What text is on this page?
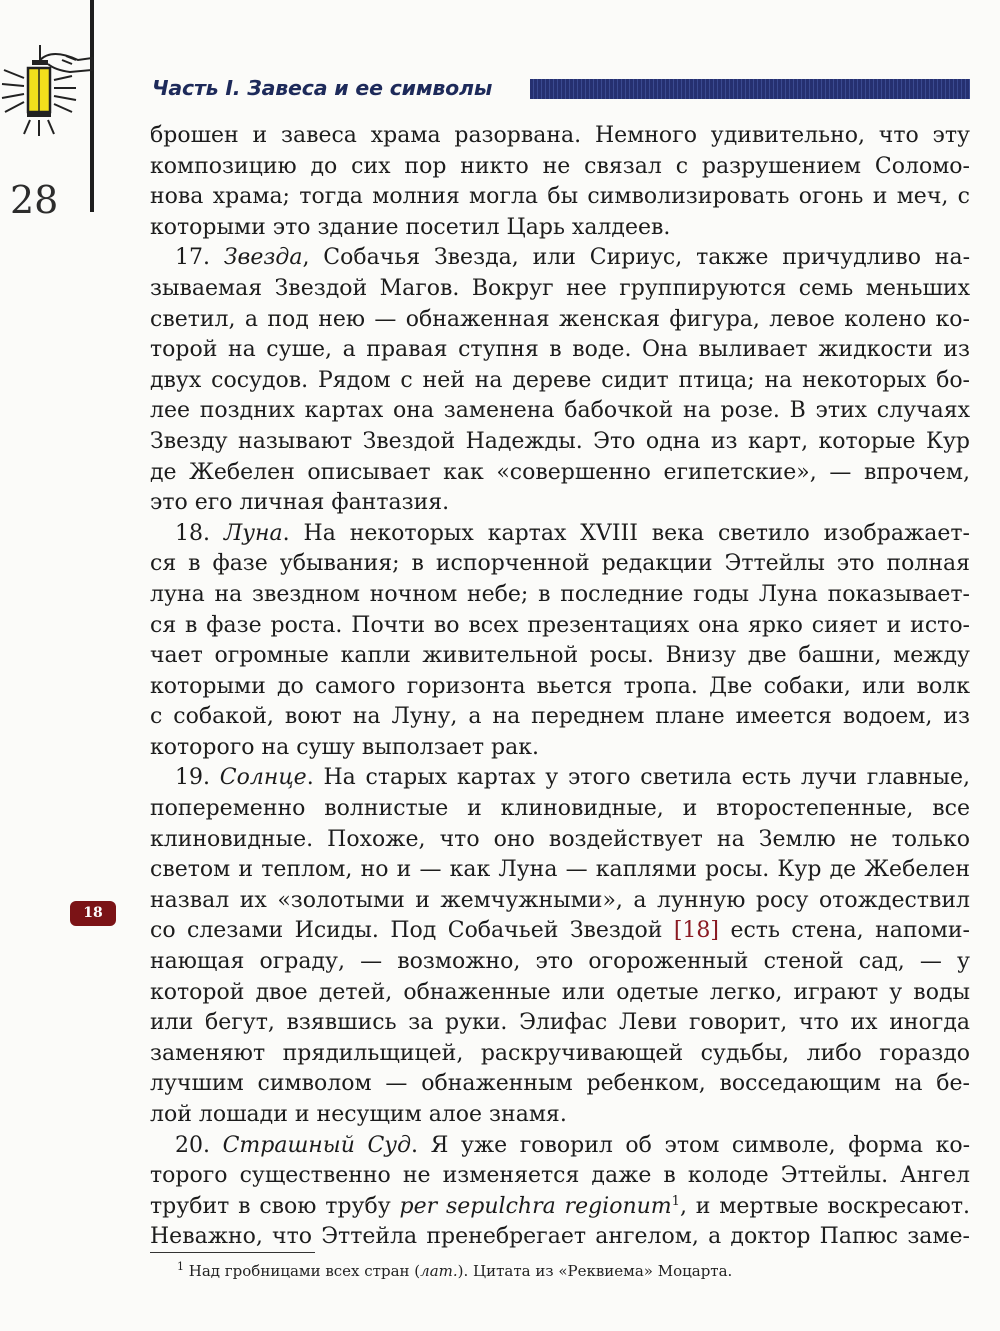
28
Часть I. Завеса и ее символы
брошен и завеса храма разорвана. Немного удивительно, что эту
композицию до сих пор никто не связал с разрушением Соломо-
нова храма; тогда молния могла бы символизировать огонь и меч, с
которыми это здание посетил Царь халдеев.
17. Звезда, Собачья Звезда, или Сириус, также причудливо на-
зываемая Звездой Магов. Вокруг нее группируются семь меньших
светил, а под нею — обнаженная женская фигура, левое колено ко-
торой на суше, а правая ступня в воде. Она выливает жидкости из
двух сосудов. Рядом с ней на дереве сидит птица; на некоторых бо-
лее поздних картах она заменена бабочкой на розе. В этих случаях
Звезду называют Звездой Надежды. Это одна из карт, которые Кур
де Жебелен описывает как «совершенно египетские», — впрочем,
это его личная фантазия.
18. Луна. На некоторых картах XVIII века светило изображает-
ся в фазе убывания; в испорченной редакции Эттейлы это полная
луна на звездном ночном небе; в последние годы Луна показывает-
ся в фазе роста. Почти во всех презентациях она ярко сияет и исто-
чает огромные капли живительной росы. Внизу две башни, между
которыми до самого горизонта вьется тропа. Две собаки, или волк
с собакой, воют на Луну, а на переднем плане имеется водоем, из
которого на сушу выползает рак.
19. Солнце. На старых картах у этого светила есть лучи главные,
попеременно волнистые и клиновидные, и второстепенные, все
клиновидные. Похоже, что оно воздействует на Землю не только
светом и теплом, но и — как Луна — каплями росы. Кур де Жебелен
назвал их «золотыми и жемчужными», а лунную росу отождествил
со слезами Исиды. Под Собачьей Звездой [18] есть стена, напоми-
нающая ограду, — возможно, это огороженный стеной сад, — у
которой двое детей, обнаженные или одетые легко, играют у воды
или бегут, взявшись за руки. Элифас Леви говорит, что их иногда
заменяют прядильщицей, раскручивающей судьбы, либо гораздо
лучшим символом — обнаженным ребенком, восседающим на бе-
лой лошади и несущим алое знамя.
20. Страшный Суд. Я уже говорил об этом символе, форма ко-
торого существенно не изменяется даже в колоде Эттейлы. Ангел
трубит в свою трубу per sepulchra regionum$^1$, и мертвые воскресают.
Неважно, что Эттейла пренебрегает ангелом, а доктор Папюс заме-
18
$^1$ Над гробницами всех стран (лат.). Цитата из «Реквиема» Моцарта.
